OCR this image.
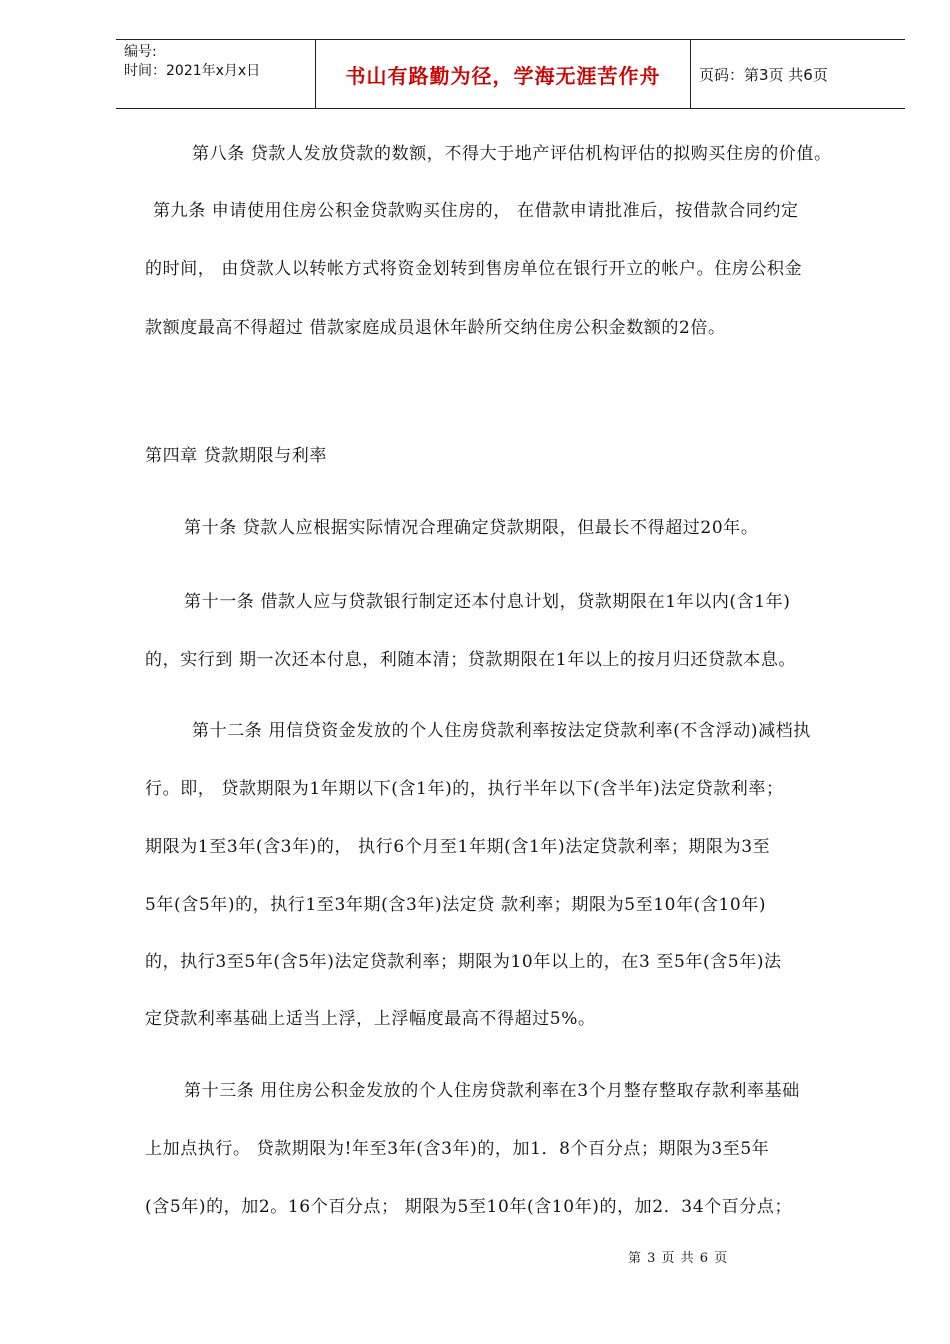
编号:
时间：2021年x月x日	书山有路勤为径，学海无涯苦作舟	页码：第3页 共6页
第八条 贷款人发放贷款的数额，不得大于地产评估机构评估的拟购买住房的价值。
第九条 申请使用住房公积金贷款购买住房的， 在借款申请批准后，按借款合同约定
的时间， 由贷款人以转帐方式将资金划转到售房单位在银行开立的帐户。住房公积金
款额度最高不得超过 借款家庭成员退休年龄所交纳住房公积金数额的2倍。
第四章 贷款期限与利率
第十条 贷款人应根据实际情况合理确定贷款期限，但最长不得超过20年。
第十一条 借款人应与贷款银行制定还本付息计划，贷款期限在1年以内(含1年)
的，实行到 期一次还本付息，利随本清；贷款期限在1年以上的按月归还贷款本息。
第十二条 用信贷资金发放的个人住房贷款利率按法定贷款利率(不含浮动)减档执
行。即， 贷款期限为1年期以下(含1年)的，执行半年以下(含半年)法定贷款利率；
期限为1至3年(含3年)的， 执行6个月至1年期(含1年)法定贷款利率；期限为3至
5年(含5年)的，执行1至3年期(含3年)法定贷 款利率；期限为5至10年(含10年)
的，执行3至5年(含5年)法定贷款利率；期限为10年以上的，在3 至5年(含5年)法
定贷款利率基础上适当上浮，上浮幅度最高不得超过5%。
第十三条 用住房公积金发放的个人住房贷款利率在3个月整存整取存款利率基础
上加点执行。 贷款期限为!年至3年(含3年)的，加1．8个百分点；期限为3至5年
(含5年)的，加2。16个百分点； 期限为5至10年(含10年)的，加2．34个百分点；
第 3 页 共 6 页
